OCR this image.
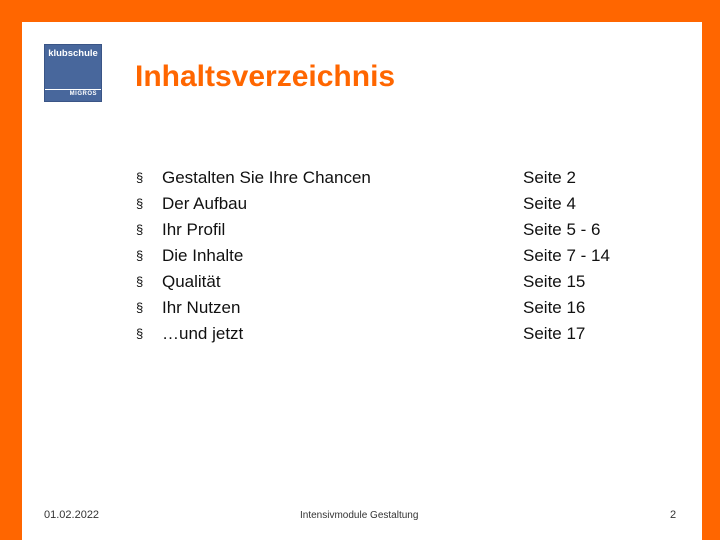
klubschule
MIGROS
Inhaltsverzeichnis
§ Gestalten Sie Ihre Chancen	Seite 2
§ Der Aufbau	Seite 4
§ Ihr Profil	Seite 5 - 6
§ Die Inhalte	Seite 7 - 14
§ Qualität	Seite 15
§ Ihr Nutzen	Seite 16
§ …und jetzt	Seite 17
01.02.2022	Intensivmodule Gestaltung	2
